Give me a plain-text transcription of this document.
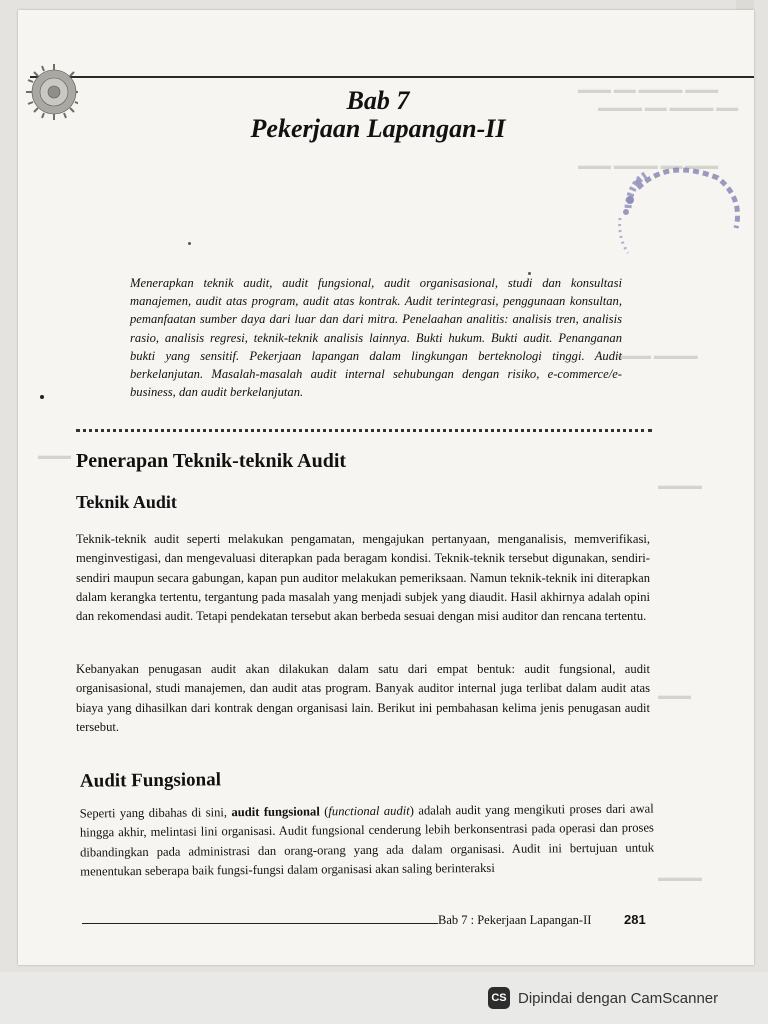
▬▬▬ ▬▬ ▬▬▬▬ ▬▬▬
▬▬▬▬ ▬▬ ▬▬▬▬ ▬▬
▬▬▬ ▬▬▬▬ ▬▬ ▬▬▬
▬▬▬ ▬▬▬▬
▬▬▬
▬▬▬▬
▬▬▬
▬▬▬▬
Bab 7
Pekerjaan Lapangan-II
Menerapkan teknik audit, audit fungsional, audit organisasional, studi dan konsultasi manajemen, audit atas program, audit atas kontrak. Audit terintegrasi, penggunaan konsultan, pemanfaatan sumber daya dari luar dan dari mitra. Penelaahan analitis: analisis tren, analisis rasio, analisis regresi, teknik-teknik analisis lainnya. Bukti hukum. Bukti audit. Penanganan bukti yang sensitif. Pekerjaan lapangan dalam lingkungan berteknologi tinggi. Audit berkelanjutan. Masalah-masalah audit internal sehubungan dengan risiko, e-commerce/e-business, dan audit berkelanjutan.
Penerapan Teknik-teknik Audit
Teknik Audit
Teknik-teknik audit seperti melakukan pengamatan, mengajukan pertanyaan, menganalisis, memverifikasi, menginvestigasi, dan mengevaluasi diterapkan pada beragam kondisi. Teknik-teknik tersebut digunakan, sendiri-sendiri maupun secara gabungan, kapan pun auditor melakukan pemeriksaan. Namun teknik-teknik ini diterapkan dalam kerangka tertentu, tergantung pada masalah yang menjadi subjek yang diaudit. Hasil akhirnya adalah opini dan rekomendasi audit. Tetapi pendekatan tersebut akan berbeda sesuai dengan misi auditor dan rencana tertentu.
Kebanyakan penugasan audit akan dilakukan dalam satu dari empat bentuk: audit fungsional, audit organisasional, studi manajemen, dan audit atas program. Banyak auditor internal juga terlibat dalam audit atas biaya yang dihasilkan dari kontrak dengan organisasi lain. Berikut ini pembahasan kelima jenis penugasan audit tersebut.
Audit Fungsional
Seperti yang dibahas di sini, audit fungsional (functional audit) adalah audit yang mengikuti proses dari awal hingga akhir, melintasi lini organisasi. Audit fungsional cenderung lebih berkonsentrasi pada operasi dan proses dibandingkan pada administrasi dan orang-orang yang ada dalam organisasi. Audit ini bertujuan untuk menentukan seberapa baik fungsi-fungsi dalam organisasi akan saling berinteraksi
Bab 7 : Pekerjaan Lapangan-II	281
CS Dipindai dengan CamScanner
